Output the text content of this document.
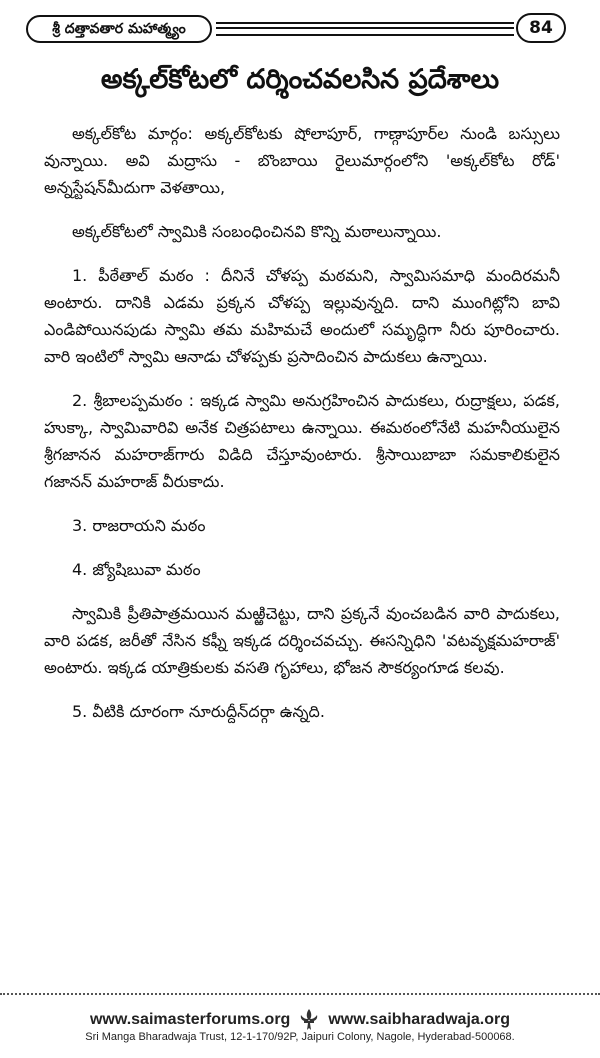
శ్రీ దత్తావతార మహాత్మ్యం	84
అక్కల్‌కోటలో దర్శించవలసిన ప్రదేశాలు

అక్కల్‌కోట మార్గం: అక్కల్‌కోటకు షోలాపూర్, గాణ్గాపూర్‌ల నుండి బస్సులు వున్నాయి. అవి మద్రాసు - బొంబాయి రైలుమార్గంలోని 'అక్కల్‌కోట రోడ్' అన్నస్టేషన్‌మీదుగా వెళతాయి,

అక్కల్‌కోటలో స్వామికి సంబంధించినవి కొన్ని మఠాలున్నాయి.

1. పీఠేతాల్ మఠం : దీనినే చోళప్ప మఠమని, స్వామిసమాధి మందిరమనీ అంటారు. దానికి ఎడమ ప్రక్కన చోళప్ప ఇల్లువున్నది. దాని ముంగిట్లోని బావి ఎండిపోయినపుడు స్వామి తమ మహిమచే అందులో సమృద్ధిగా నీరు పూరించారు. వారి ఇంటిలో స్వామి ఆనాడు చోళప్పకు ప్రసాదించిన పాదుకలు ఉన్నాయి.

2. శ్రీబాలప్పమఠం : ఇక్కడ స్వామి అనుగ్రహించిన పాదుకలు, రుద్రాక్షలు, పడక, హుక్కా, స్వామివారివి అనేక చిత్రపటాలు ఉన్నాయి. ఈమఠంలోనేటి మహనీయులైన శ్రీగజానన మహరాజ్‌గారు విడిది చేస్తూవుంటారు. శ్రీసాయిబాబా సమకాలికులైన గజానన్ మహరాజ్ వీరుకాదు.

3. రాజరాయని మఠం

4. జ్యోషిబువా మఠం

స్వామికి ప్రీతిపాత్రమయిన మఱ్ఱిచెట్టు, దాని ప్రక్కనే వుంచబడిన వారి పాదుకలు, వారి పడక, జరీతో నేసిన కఫ్నీ ఇక్కడ దర్శించవచ్చు. ఈసన్నిధిని 'వటవృక్షమహరాజ్' అంటారు. ఇక్కడ యాత్రికులకు వసతి గృహాలు, భోజన సౌకర్యంగూడ కలవు.

5. వీటికి దూరంగా నూరుద్దీన్‌దర్గా ఉన్నది.

www.saimasterforums.org	www.saibharadwaja.org
Sri Manga Bharadwaja Trust, 12-1-170/92P, Jaipuri Colony, Nagole, Hyderabad-500068.
